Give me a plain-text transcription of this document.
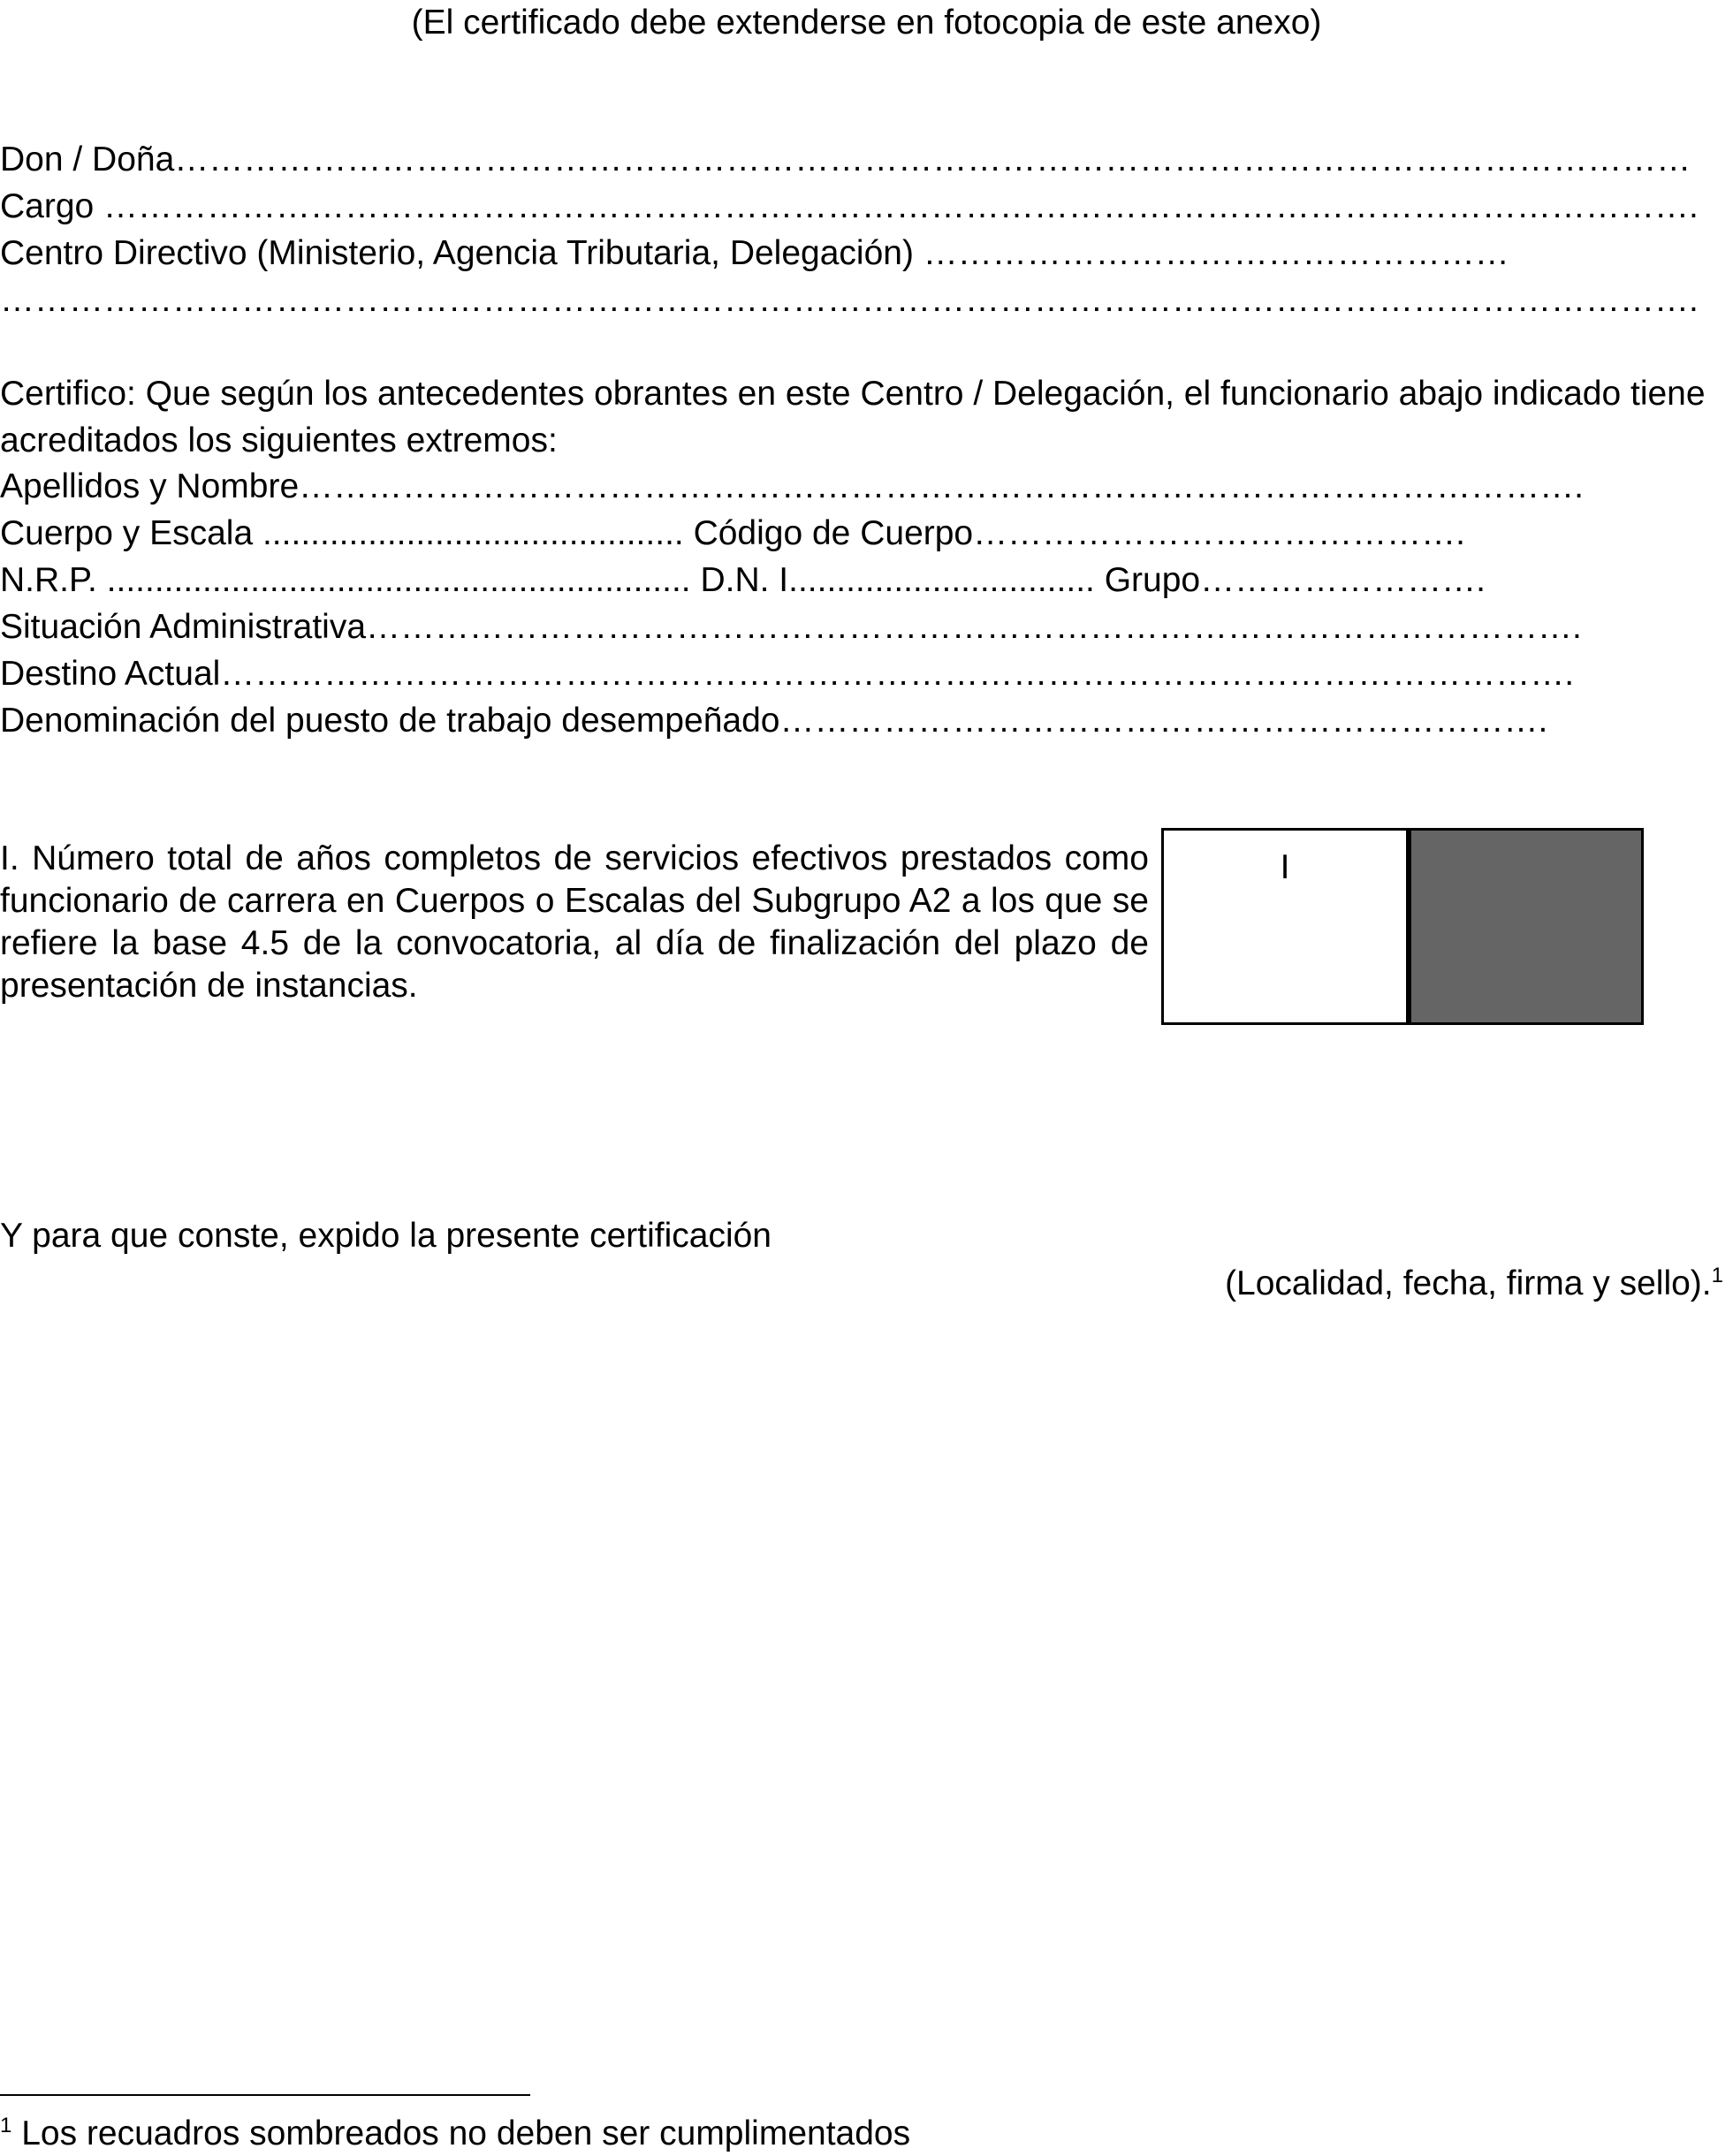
(El certificado debe extenderse en fotocopia de este anexo)

Don / Doña……………………………………………………………………………………………………………………

Cargo ………………………………………………………………………………………………………………………….

Centro Directivo (Ministerio, Agencia Tributaria, Delegación) ……………………………………………

………………………………………………………………………………………………………………………………….

Certifico: Que según los antecedentes obrantes en este Centro / Delegación, el funcionario abajo indicado tiene acreditados los siguientes extremos:

Apellidos y Nombre………………………………………………………………………………………………….

Cuerpo y Escala ............................................ Código de Cuerpo…………………………………….

N.R.P. ............................................................. D.N. I................................ Grupo…………………….

Situación Administrativa…………………………………………………………………………………………….

Destino Actual……………………………………………………………………………………………………….

Denominación del puesto de trabajo desempeñado………………………………………………………….

I. Número total de años completos de servicios efectivos prestados como funcionario de carrera en Cuerpos o Escalas del Subgrupo A2 a los que se refiere la base 4.5 de la convocatoria, al día de finalización del plazo de presentación de instancias.

I

Y para que conste, expido la presente certificación

(Localidad, fecha, firma y sello).$^1$

$^1$ Los recuadros sombreados no deben ser cumplimentados
